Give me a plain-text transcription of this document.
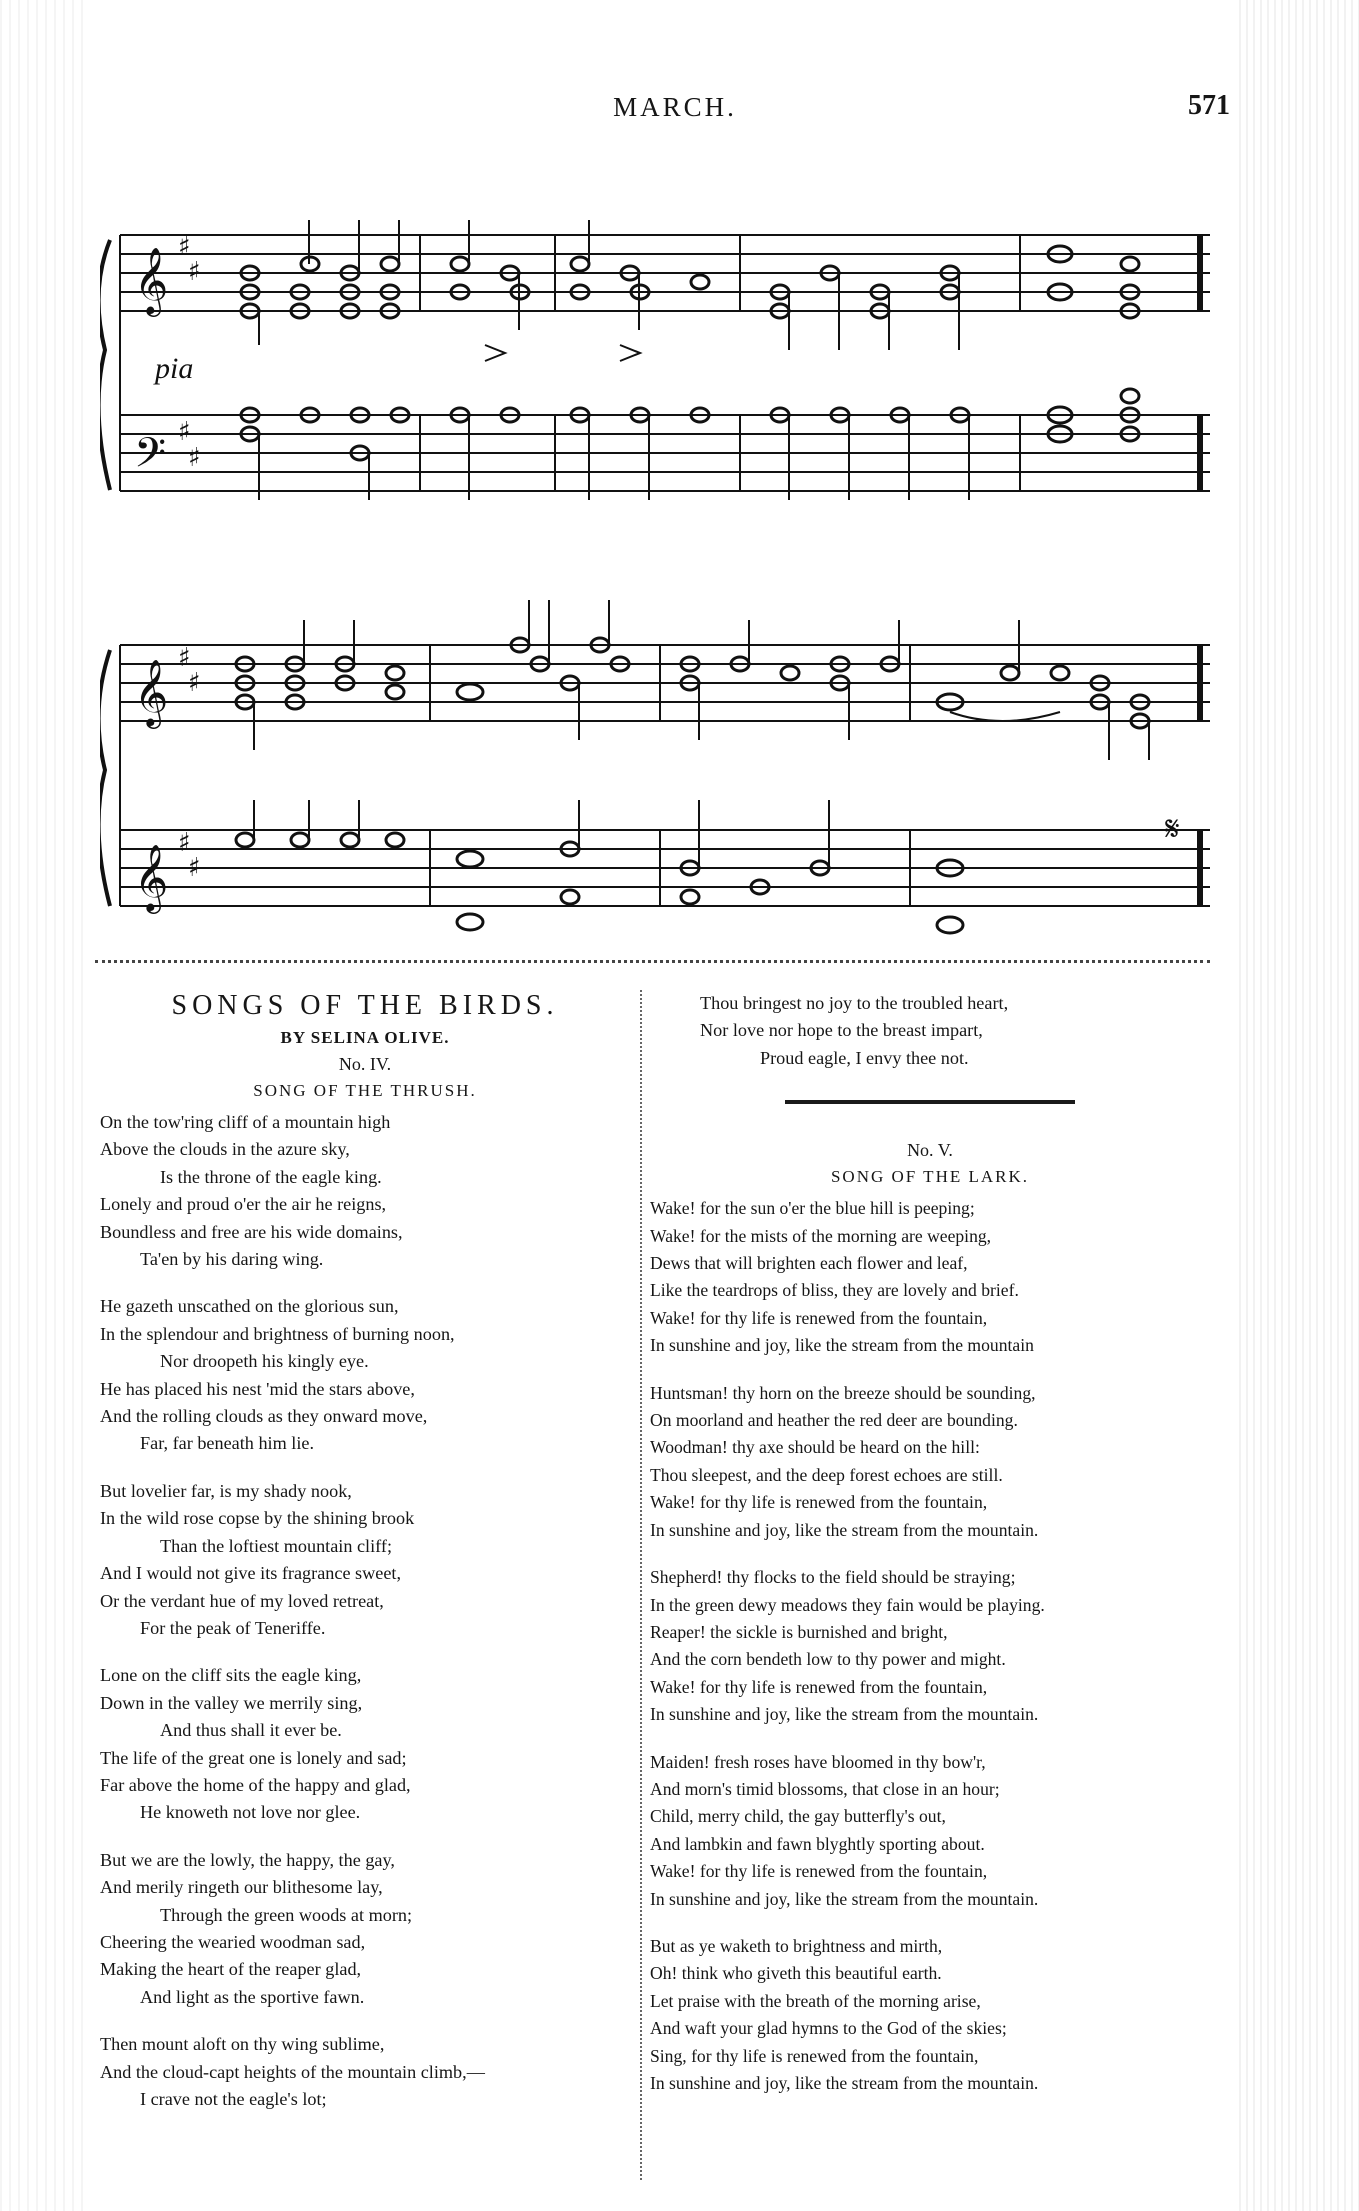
MARCH.	571
𝄞
𝄢
♯
♯
♯
♯
pia
𝄞
𝄞
♯
♯
♯
♯
𝄋
SONGS OF THE BIRDS.
BY SELINA OLIVE.
No. IV.
SONG OF THE THRUSH.
On the tow'ring cliff of a mountain high
Above the clouds in the azure sky,
Is the throne of the eagle king.
Lonely and proud o'er the air he reigns,
Boundless and free are his wide domains,
Ta'en by his daring wing.
He gazeth unscathed on the glorious sun,
In the splendour and brightness of burning noon,
Nor droopeth his kingly eye.
He has placed his nest 'mid the stars above,
And the rolling clouds as they onward move,
Far, far beneath him lie.
But lovelier far, is my shady nook,
In the wild rose copse by the shining brook
Than the loftiest mountain cliff;
And I would not give its fragrance sweet,
Or the verdant hue of my loved retreat,
For the peak of Teneriffe.
Lone on the cliff sits the eagle king,
Down in the valley we merrily sing,
And thus shall it ever be.
The life of the great one is lonely and sad;
Far above the home of the happy and glad,
He knoweth not love nor glee.
But we are the lowly, the happy, the gay,
And merily ringeth our blithesome lay,
Through the green woods at morn;
Cheering the wearied woodman sad,
Making the heart of the reaper glad,
And light as the sportive fawn.
Then mount aloft on thy wing sublime,
And the cloud-capt heights of the mountain climb,—
I crave not the eagle's lot;
Thou bringest no joy to the troubled heart,
Nor love nor hope to the breast impart,
Proud eagle, I envy thee not.
No. V.
SONG OF THE LARK.
Wake! for the sun o'er the blue hill is peeping;
Wake! for the mists of the morning are weeping,
Dews that will brighten each flower and leaf,
Like the teardrops of bliss, they are lovely and brief.
Wake! for thy life is renewed from the fountain,
In sunshine and joy, like the stream from the mountain
Huntsman! thy horn on the breeze should be sounding,
On moorland and heather the red deer are bounding.
Woodman! thy axe should be heard on the hill:
Thou sleepest, and the deep forest echoes are still.
Wake! for thy life is renewed from the fountain,
In sunshine and joy, like the stream from the mountain.
Shepherd! thy flocks to the field should be straying;
In the green dewy meadows they fain would be playing.
Reaper! the sickle is burnished and bright,
And the corn bendeth low to thy power and might.
Wake! for thy life is renewed from the fountain,
In sunshine and joy, like the stream from the mountain.
Maiden! fresh roses have bloomed in thy bow'r,
And morn's timid blossoms, that close in an hour;
Child, merry child, the gay butterfly's out,
And lambkin and fawn blyghtly sporting about.
Wake! for thy life is renewed from the fountain,
In sunshine and joy, like the stream from the mountain.
But as ye waketh to brightness and mirth,
Oh! think who giveth this beautiful earth.
Let praise with the breath of the morning arise,
And waft your glad hymns to the God of the skies;
Sing, for thy life is renewed from the fountain,
In sunshine and joy, like the stream from the mountain.
